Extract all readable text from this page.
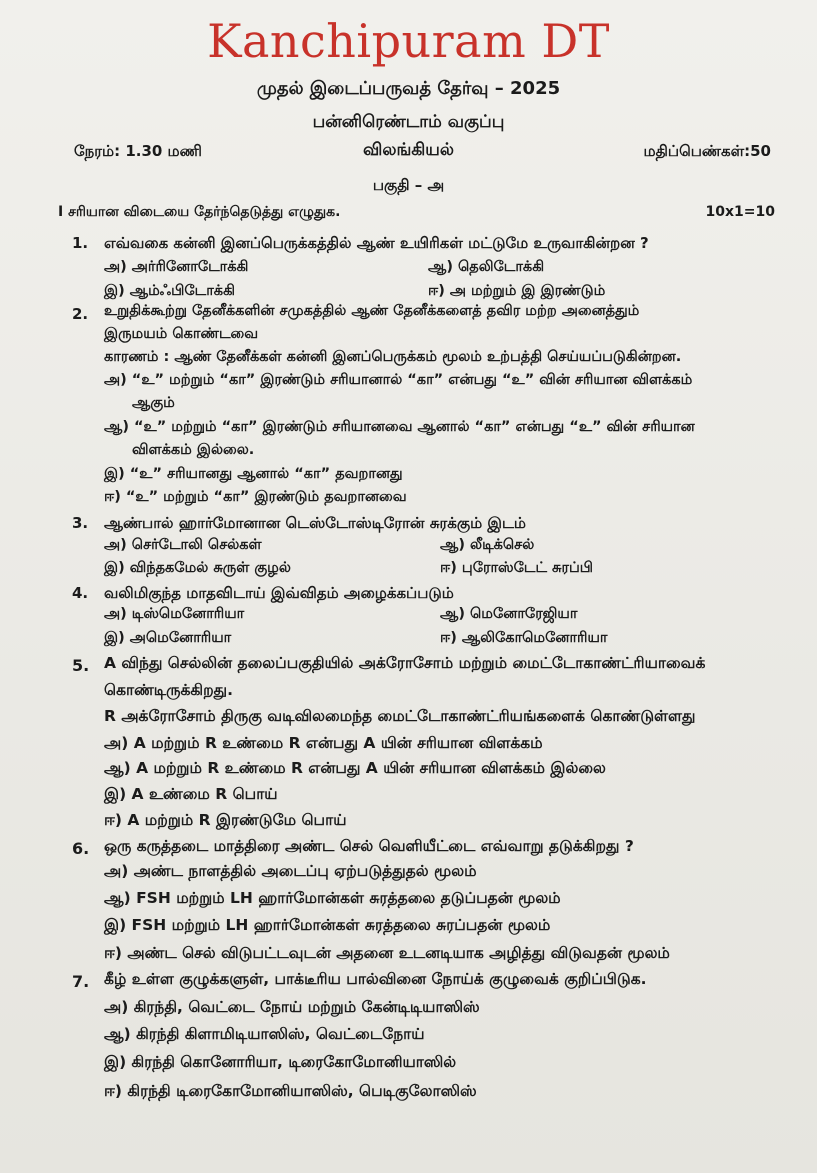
Kanchipuram DT
முதல் இடைப்பருவத் தேர்வு – 2025
பன்னிரெண்டாம் வகுப்பு
நேரம்: 1.30 மணி	விலங்கியல்	மதிப்பெண்கள்:50
பகுதி – அ
I சரியான விடையை தேர்ந்தெடுத்து எழுதுக.	10x1=10
1. எவ்வகை கன்னி இனப்பெருக்கத்தில் ஆண் உயிரிகள் மட்டுமே உருவாகின்றன ?
அ) அர்ரினோடோக்கி	ஆ) தெலிடோக்கி
இ) ஆம்ஃபிடோக்கி	ஈ) அ மற்றும் இ இரண்டும்
2. உறுதிக்கூற்று தேனீக்களின் சமுகத்தில் ஆண் தேனீக்களைத் தவிர மற்ற அனைத்தும்
இருமயம் கொண்டவை
காரணம் : ஆண் தேனீக்கள் கன்னி இனப்பெருக்கம் மூலம் உற்பத்தி செய்யப்படுகின்றன.
அ) “உ” மற்றும் “கா” இரண்டும் சரியானால் “கா” என்பது “உ” வின் சரியான விளக்கம்
ஆகும்
ஆ) “உ” மற்றும் “கா” இரண்டும் சரியானவை ஆனால் “கா” என்பது “உ” வின் சரியான
விளக்கம் இல்லை.
இ) “உ” சரியானது ஆனால் “கா” தவறானது
ஈ) “உ” மற்றும் “கா” இரண்டும் தவறானவை
3. ஆண்பால் ஹார்மோனான டெஸ்டோஸ்டிரோன் சுரக்கும் இடம்
அ) செர்டோலி செல்கள்	ஆ) லீடிக்செல்
இ) விந்தகமேல் சுருள் குழல்	ஈ) புரோஸ்டேட் சுரப்பி
4. வலிமிகுந்த மாதவிடாய் இவ்விதம் அழைக்கப்படும்
அ) டிஸ்மெனோரியா	ஆ) மெனோரேஜியா
இ) அமெனோரியா	ஈ) ஆலிகோமெனோரியா
5. A விந்து செல்லின் தலைப்பகுதியில் அக்ரோசோம் மற்றும் மைட்டோகாண்ட்ரியாவைக்
கொண்டிருக்கிறது.
R அக்ரோசோம் திருகு வடிவிலமைந்த மைட்டோகாண்ட்ரியங்களைக் கொண்டுள்ளது
அ) A மற்றும் R உண்மை R என்பது A யின் சரியான விளக்கம்
ஆ) A மற்றும் R உண்மை R என்பது A யின் சரியான விளக்கம் இல்லை
இ) A உண்மை R பொய்
ஈ) A மற்றும் R இரண்டுமே பொய்
6. ஒரு கருத்தடை மாத்திரை அண்ட செல் வெளியீட்டை எவ்வாறு தடுக்கிறது ?
அ) அண்ட நாளத்தில் அடைப்பு ஏற்படுத்துதல் மூலம்
ஆ) FSH மற்றும் LH ஹார்மோன்கள் சுரத்தலை தடுப்பதன் மூலம்
இ) FSH மற்றும் LH ஹார்மோன்கள் சுரத்தலை சுரப்பதன் மூலம்
ஈ) அண்ட செல் விடுபட்டவுடன் அதனை உடனடியாக அழித்து விடுவதன் மூலம்
7. கீழ் உள்ள குழுக்களுள், பாக்டீரிய பால்வினை நோய்க் குழுவைக் குறிப்பிடுக.
அ) கிரந்தி, வெட்டை நோய் மற்றும் கேன்டிடியாஸிஸ்
ஆ) கிரந்தி கிளாமிடியாஸிஸ், வெட்டைநோய்
இ) கிரந்தி கொனோரியா, டிரைகோமோனியாஸில்
ஈ) கிரந்தி டிரைகோமோனியாஸிஸ், பெடிகுலோஸிஸ்
